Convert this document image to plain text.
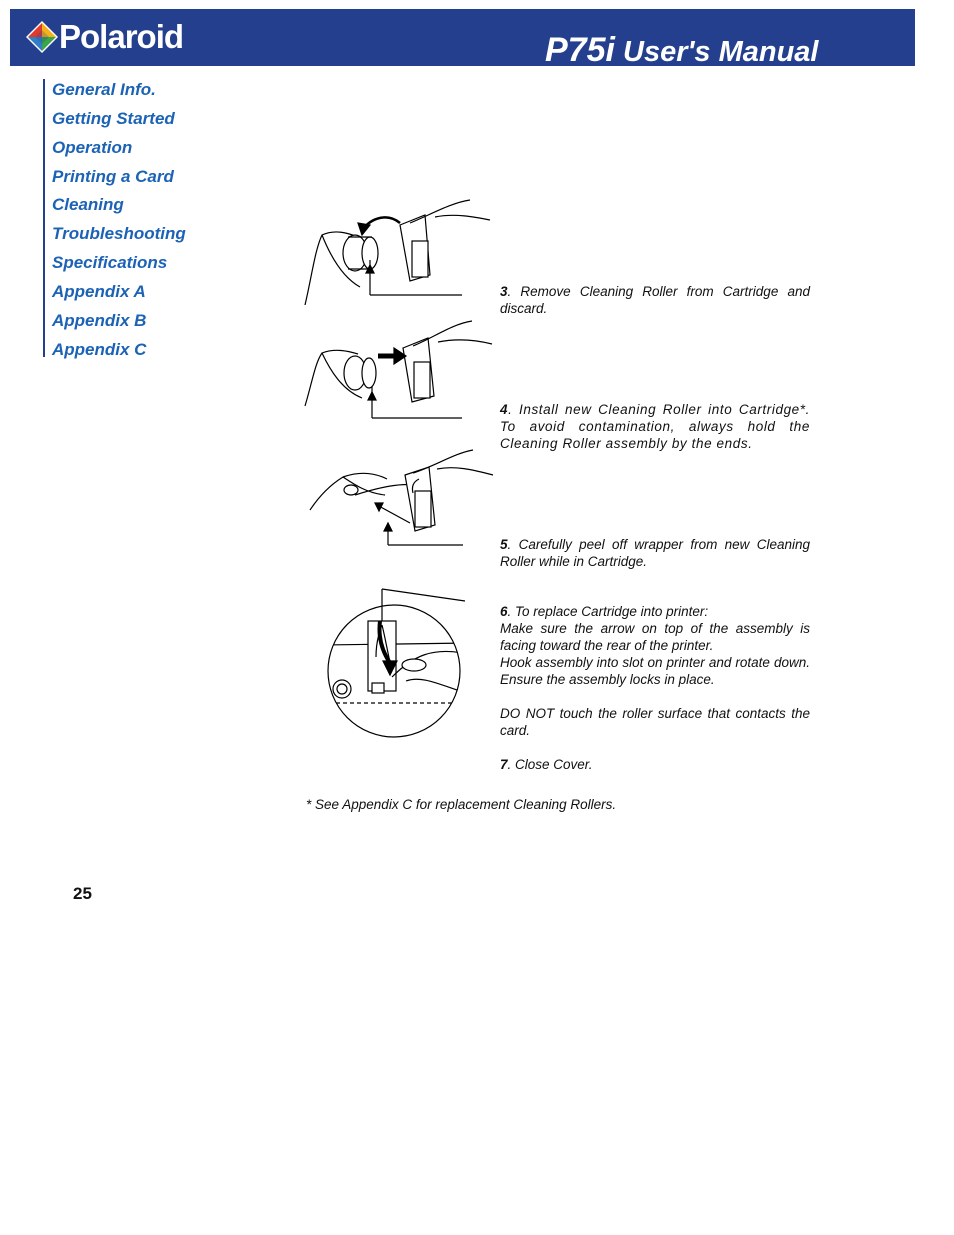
Polaroid	P75i User's Manual
General Info.
Getting Started
Operation
Printing a Card
Cleaning
Troubleshooting
Specifications
Appendix A
Appendix B
Appendix C
3. Remove Cleaning Roller from Cartridge and discard.
4. Install new Cleaning Roller into Cartridge*. To avoid contamination, always hold the Cleaning Roller assembly by the ends.
5. Carefully peel off wrapper from new Cleaning Roller while in Cartridge.
6. To replace Cartridge into printer:
Make sure the arrow on top of the assembly is facing toward the rear of the printer.
Hook assembly into slot on printer and rotate down. Ensure the assembly locks in place.
DO NOT touch the roller surface that contacts the card.
7. Close Cover.
* See Appendix C for replacement Cleaning Rollers.
25
